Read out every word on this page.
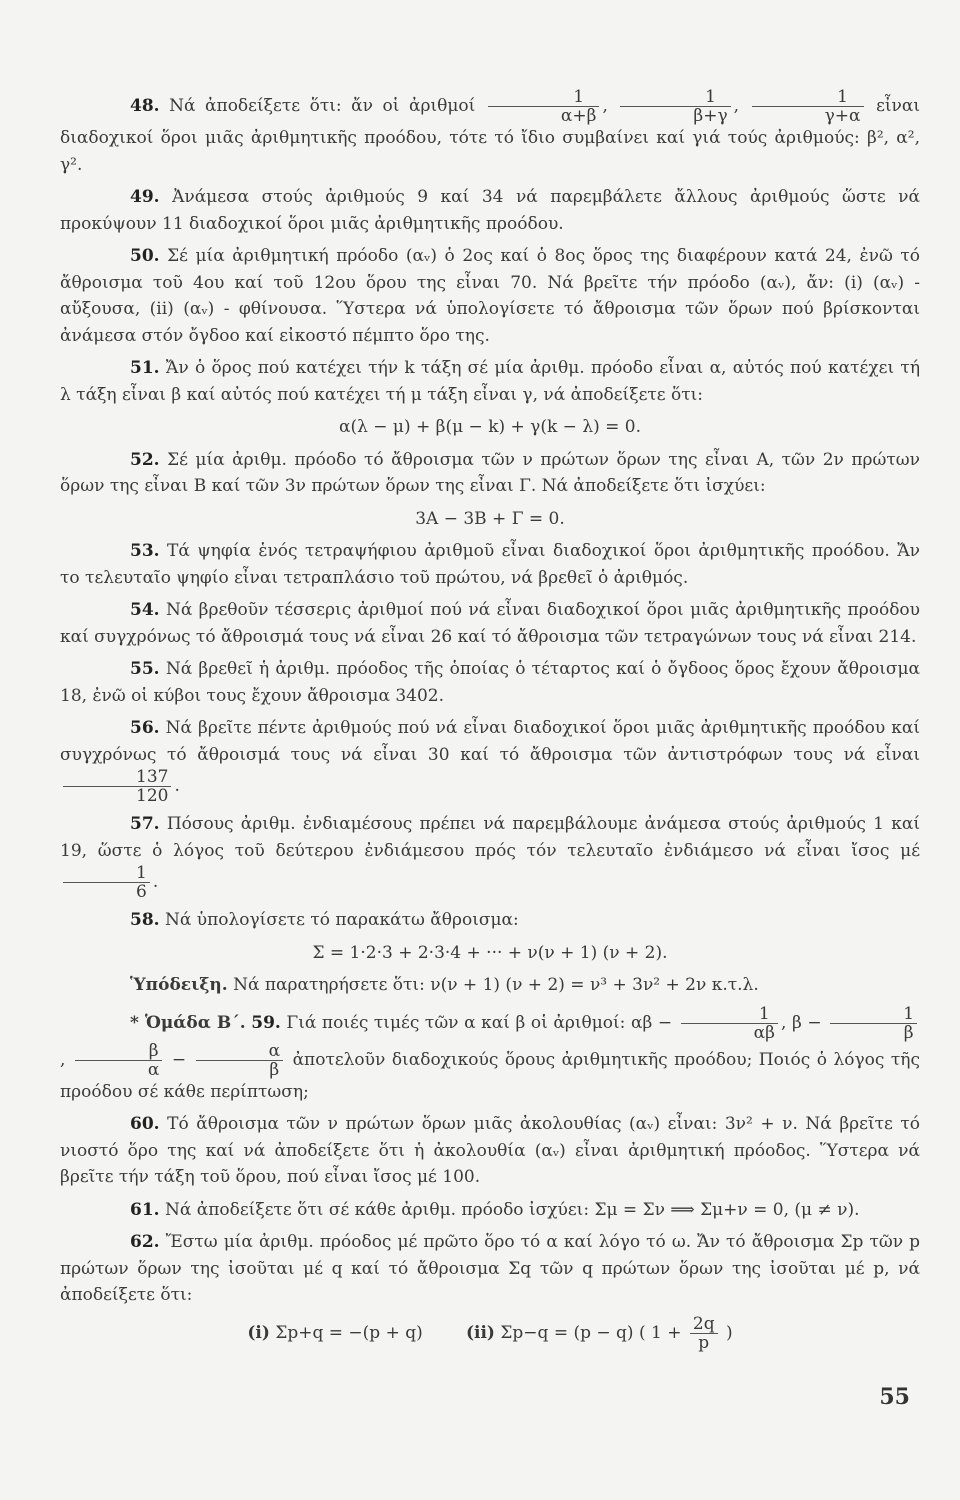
48. Νά ἀποδείξετε ὅτι: ἄν οἱ ἀριθμοί $\frac{1}{\alpha+\beta}$ , $\frac{1}{\beta+\gamma}$ , $\frac{1}{\gamma+\alpha}$ εἶναι διαδοχικοί ὅροι μιᾶς ἀριθμητικῆς προόδου, τότε τό ἴδιο συμβαίνει καί γιά τούς ἀριθμούς: β², α², γ².

49. Ἀνάμεσα στούς ἀριθμούς 9 καί 34 νά παρεμβάλετε ἄλλους ἀριθμούς ὥστε νά προκύψουν 11 διαδοχικοί ὅροι μιᾶς ἀριθμητικῆς προόδου.

50. Σέ μία ἀριθμητική πρόοδο (αᵥ) ὁ 2ος καί ὁ 8ος ὅρος της διαφέρουν κατά 24, ἐνῶ τό ἄθροισμα τοῦ 4ου καί τοῦ 12ου ὅρου της εἶναι 70. Νά βρεῖτε τήν πρόοδο (αᵥ), ἄν: (i) (αᵥ) - αὔξουσα, (ii) (αᵥ) - φθίνουσα. Ὕστερα νά ὑπολογίσετε τό ἄθροισμα τῶν ὅρων πού βρίσκονται ἀνάμεσα στόν ὄγδοο καί εἰκοστό πέμπτο ὅρο της.

51. Ἄν ὁ ὅρος πού κατέχει τήν k τάξη σέ μία ἀριθμ. πρόοδο εἶναι α, αὐτός πού κατέχει τή λ τάξη εἶναι β καί αὐτός πού κατέχει τή μ τάξη εἶναι γ, νά ἀποδείξετε ὅτι:

α(λ − μ) + β(μ − k) + γ(k − λ) = 0.

52. Σέ μία ἀριθμ. πρόοδο τό ἄθροισμα τῶν ν πρώτων ὅρων της εἶναι Α, τῶν 2ν πρώτων ὅρων της εἶναι Β καί τῶν 3ν πρώτων ὅρων της εἶναι Γ. Νά ἀποδείξετε ὅτι ἰσχύει:

3Α − 3Β + Γ = 0.

53. Τά ψηφία ἑνός τετραψήφιου ἀριθμοῦ εἶναι διαδοχικοί ὅροι ἀριθμητικῆς προόδου. Ἄν το τελευταῖο ψηφίο εἶναι τετραπλάσιο τοῦ πρώτου, νά βρεθεῖ ὁ ἀριθμός.

54. Νά βρεθοῦν τέσσερις ἀριθμοί πού νά εἶναι διαδοχικοί ὅροι μιᾶς ἀριθμητικῆς προόδου καί συγχρόνως τό ἄθροισμά τους νά εἶναι 26 καί τό ἄθροισμα τῶν τετραγώνων τους νά εἶναι 214.

55. Νά βρεθεῖ ἡ ἀριθμ. πρόοδος τῆς ὁποίας ὁ τέταρτος καί ὁ ὄγδοος ὅρος ἔχουν ἄθροισμα 18, ἐνῶ οἱ κύβοι τους ἔχουν ἄθροισμα 3402.

56. Νά βρεῖτε πέντε ἀριθμούς πού νά εἶναι διαδοχικοί ὅροι μιᾶς ἀριθμητικῆς προόδου καί συγχρόνως τό ἄθροισμά τους νά εἶναι 30 καί τό ἄθροισμα τῶν ἀντιστρόφων τους νά εἶναι
$\frac{137}{120}$ .

57. Πόσους ἀριθμ. ἐνδιαμέσους πρέπει νά παρεμβάλουμε ἀνάμεσα στούς ἀριθμούς 1 καί 19, ὥστε ὁ λόγος τοῦ δεύτερου ἐνδιάμεσου πρός τόν τελευταῖο ἐνδιάμεσο νά εἶναι ἴσος μέ
$\frac{1}{6}$ .

58. Νά ὑπολογίσετε τό παρακάτω ἄθροισμα:

Σ = 1·2·3 + 2·3·4 + ··· + ν(ν + 1) (ν + 2).

Ὑπόδειξη. Νά παρατηρήσετε ὅτι: ν(ν + 1) (ν + 2) = ν³ + 3ν² + 2ν κ.τ.λ.

* Ὁμάδα Β΄. 59. Γιά ποιές τιμές τῶν α καί β οἱ ἀριθμοί: $\alpha\beta - \frac{1}{\alpha\beta}$ , $\beta - \frac{1}{\beta}$
, $\frac{\beta}{\alpha} - \frac{\alpha}{\beta}$ ἀποτελοῦν διαδοχικούς ὅρους ἀριθμητικῆς προόδου; Ποιός ὁ λόγος τῆς προόδου σέ κάθε περίπτωση;

60. Τό ἄθροισμα τῶν ν πρώτων ὅρων μιᾶς ἀκολουθίας (αᵥ) εἶναι: 3ν² + ν. Νά βρεῖτε τό νιοστό ὅρο της καί νά ἀποδείξετε ὅτι ἡ ἀκολουθία (αᵥ) εἶναι ἀριθμητική πρόοδος. Ὕστερα νά βρεῖτε τήν τάξη τοῦ ὅρου, πού εἶναι ἴσος μέ 100.

61. Νά ἀποδείξετε ὅτι σέ κάθε ἀριθμ. πρόοδο ἰσχύει: Σμ = Σν ⟹ Σμ+ν = 0, (μ ≠ ν).

62. Ἔστω μία ἀριθμ. πρόοδος μέ πρῶτο ὅρο τό α καί λόγο τό ω. Ἄν τό ἄθροισμα Σp τῶν p πρώτων ὅρων της ἰσοῦται μέ q καί τό ἄθροισμα Σq τῶν q πρώτων ὅρων της ἰσοῦται μέ p, νά ἀποδείξετε ὅτι:

(i) Σp+q = −(p + q)	(ii) Σp−q = (p − q) ( $1 + \frac{2q}{p}$ )

55
